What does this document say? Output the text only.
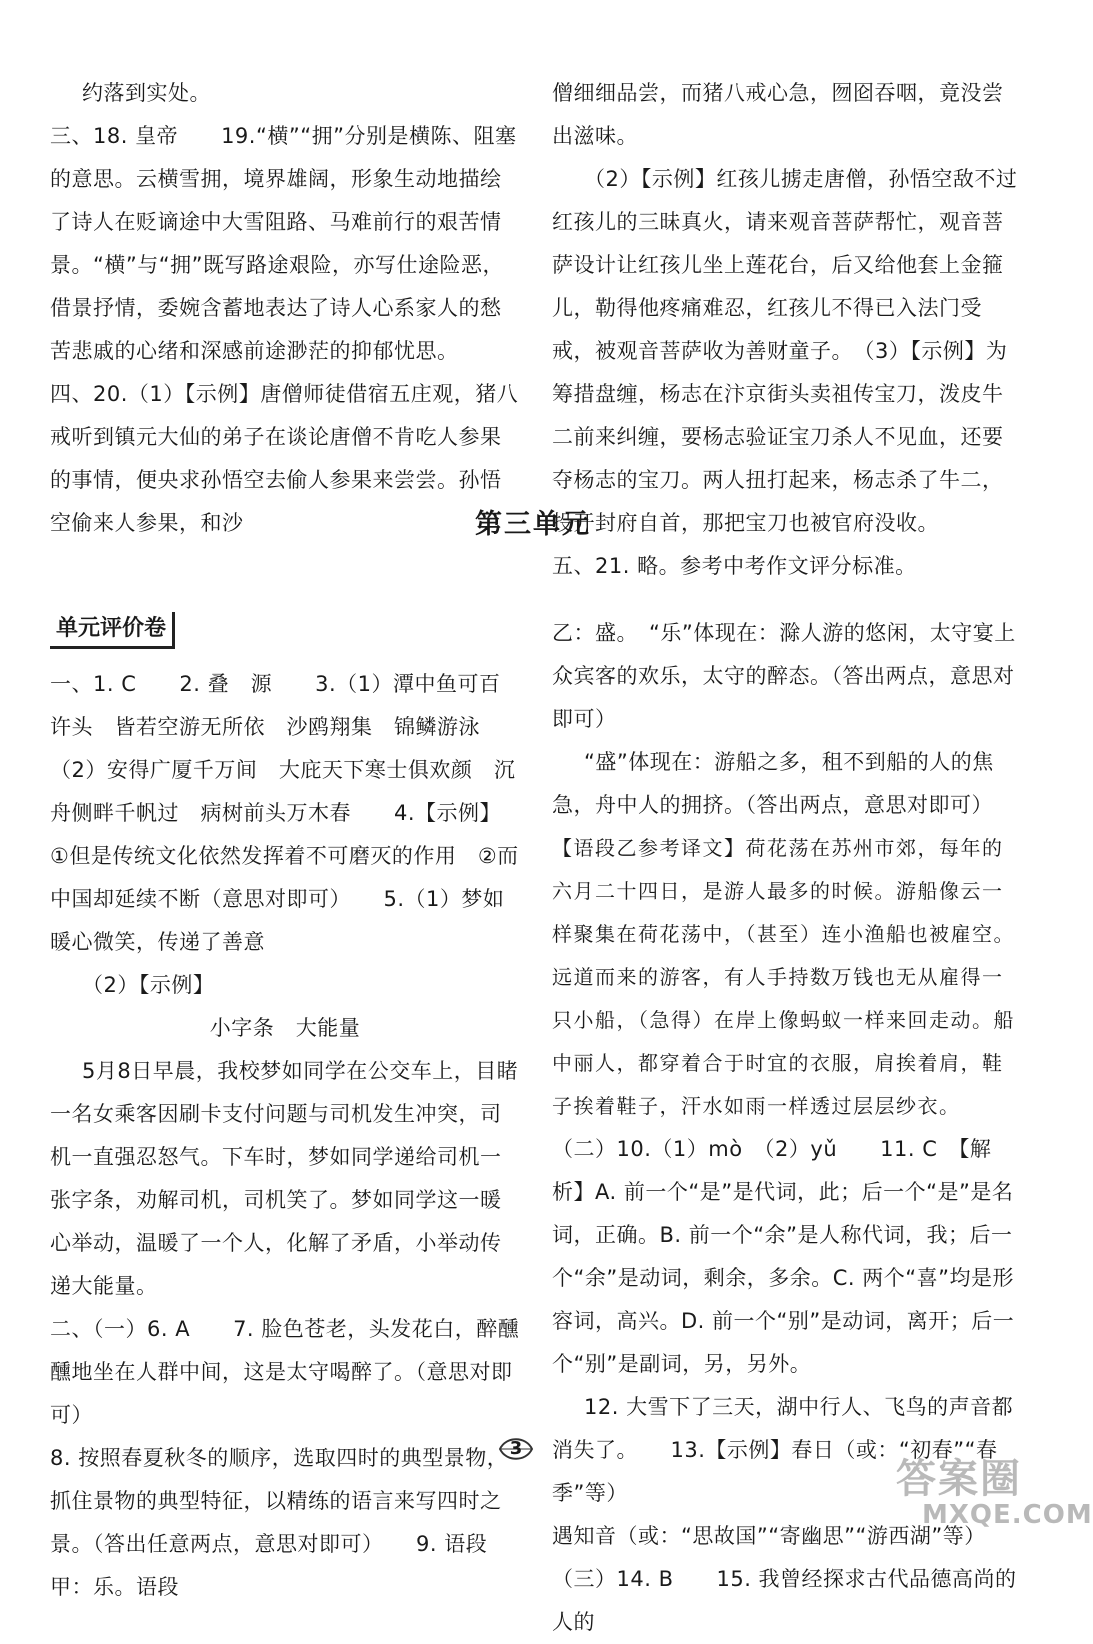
约落到实处。

三、18. 皇帝　　19.“横”“拥”分别是横陈、阻塞的意思。云横雪拥，境界雄阔，形象生动地描绘了诗人在贬谪途中大雪阻路、马难前行的艰苦情景。“横”与“拥”既写路途艰险，亦写仕途险恶，借景抒情，委婉含蓄地表达了诗人心系家人的愁苦悲戚的心绪和深感前途渺茫的抑郁忧思。

四、20.（1）【示例】唐僧师徒借宿五庄观，猪八戒听到镇元大仙的弟子在谈论唐僧不肯吃人参果的事情，便央求孙悟空去偷人参果来尝尝。孙悟空偷来人参果，和沙

僧细细品尝，而猪八戒心急，囫囵吞咽，竟没尝出滋味。

（2）【示例】红孩儿掳走唐僧，孙悟空敌不过红孩儿的三昧真火，请来观音菩萨帮忙，观音菩萨设计让红孩儿坐上莲花台，后又给他套上金箍儿，勒得他疼痛难忍，红孩儿不得已入法门受戒，被观音菩萨收为善财童子。　（3）【示例】为筹措盘缠，杨志在汴京街头卖祖传宝刀，泼皮牛二前来纠缠，要杨志验证宝刀杀人不见血，还要夺杨志的宝刀。两人扭打起来，杨志杀了牛二，投开封府自首，那把宝刀也被官府没收。

五、21. 略。参考中考作文评分标准。

第三单元
单元评价卷

一、1. C　　2. 叠　源　　3.（1）潭中鱼可百许头　皆若空游无所依　沙鸥翔集　锦鳞游泳　（2）安得广厦千万间　大庇天下寒士俱欢颜　沉舟侧畔千帆过　病树前头万木春　　4.【示例】①但是传统文化依然发挥着不可磨灭的作用　②而中国却延续不断（意思对即可）　　5.（1）梦如暖心微笑，传递了善意

（2）【示例】

小字条　大能量

5月8日早晨，我校梦如同学在公交车上，目睹一名女乘客因刷卡支付问题与司机发生冲突，司机一直强忍怒气。下车时，梦如同学递给司机一张字条，劝解司机，司机笑了。梦如同学这一暖心举动，温暖了一个人，化解了矛盾，小举动传递大能量。

二、（一）6. A　　7. 脸色苍老，头发花白，醉醺醺地坐在人群中间，这是太守喝醉了。（意思对即可）

8. 按照春夏秋冬的顺序，选取四时的典型景物，抓住景物的典型特征，以精练的语言来写四时之景。（答出任意两点，意思对即可）　　9. 语段甲：乐。语段

乙：盛。　“乐”体现在：滁人游的悠闲，太守宴上众宾客的欢乐，太守的醉态。（答出两点，意思对即可）

“盛”体现在：游船之多，租不到船的人的焦急，舟中人的拥挤。（答出两点，意思对即可）

【语段乙参考译文】荷花荡在苏州市郊，每年的六月二十四日，是游人最多的时候。游船像云一样聚集在荷花荡中，（甚至）连小渔船也被雇空。远道而来的游客，有人手持数万钱也无从雇得一只小船，（急得）在岸上像蚂蚁一样来回走动。船中丽人，都穿着合于时宜的衣服，肩挨着肩，鞋子挨着鞋子，汗水如雨一样透过层层纱衣。

（二）10.（1）mò　（2）yǔ　　11. C　【解析】A. 前一个“是”是代词，此；后一个“是”是名词，正确。B. 前一个“余”是人称代词，我；后一个“余”是动词，剩余，多余。C. 两个“喜”均是形容词，高兴。D. 前一个“别”是动词，离开；后一个“别”是副词，另，另外。

12. 大雪下了三天，湖中行人、飞鸟的声音都消失了。　　13.【示例】春日（或：“初春”“春季”等）

遇知音（或：“思故国”“寄幽思”“游西湖”等）

（三）14. B　　15. 我曾经探求古代品德高尚的人的

3
答案圈
MXQE.COM
